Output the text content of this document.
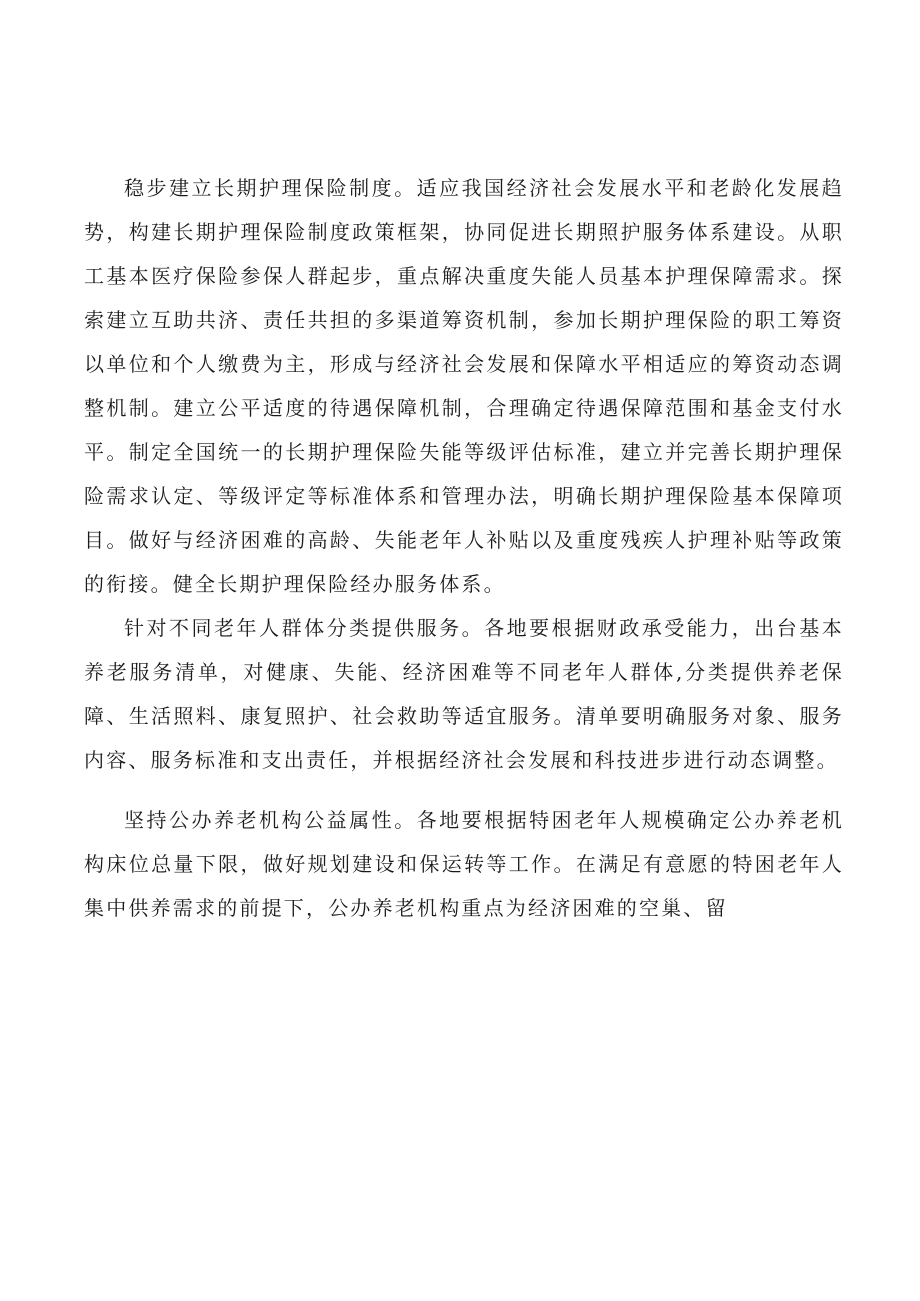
稳步建立长期护理保险制度。适应我国经济社会发展水平和老龄化发展趋势，构建长期护理保险制度政策框架，协同促进长期照护服务体系建设。从职工基本医疗保险参保人群起步，重点解决重度失能人员基本护理保障需求。探索建立互助共济、责任共担的多渠道筹资机制，参加长期护理保险的职工筹资以单位和个人缴费为主，形成与经济社会发展和保障水平相适应的筹资动态调整机制。建立公平适度的待遇保障机制，合理确定待遇保障范围和基金支付水平。制定全国统一的长期护理保险失能等级评估标准，建立并完善长期护理保险需求认定、等级评定等标准体系和管理办法，明确长期护理保险基本保障项目。做好与经济困难的高龄、失能老年人补贴以及重度残疾人护理补贴等政策的衔接。健全长期护理保险经办服务体系。

针对不同老年人群体分类提供服务。各地要根据财政承受能力，出台基本养老服务清单，对健康、失能、经济困难等不同老年人群体,分类提供养老保障、生活照料、康复照护、社会救助等适宜服务。清单要明确服务对象、服务内容、服务标准和支出责任，并根据经济社会发展和科技进步进行动态调整。

坚持公办养老机构公益属性。各地要根据特困老年人规模确定公办养老机构床位总量下限，做好规划建设和保运转等工作。在满足有意愿的特困老年人集中供养需求的前提下，公办养老机构重点为经济困难的空巢、留
